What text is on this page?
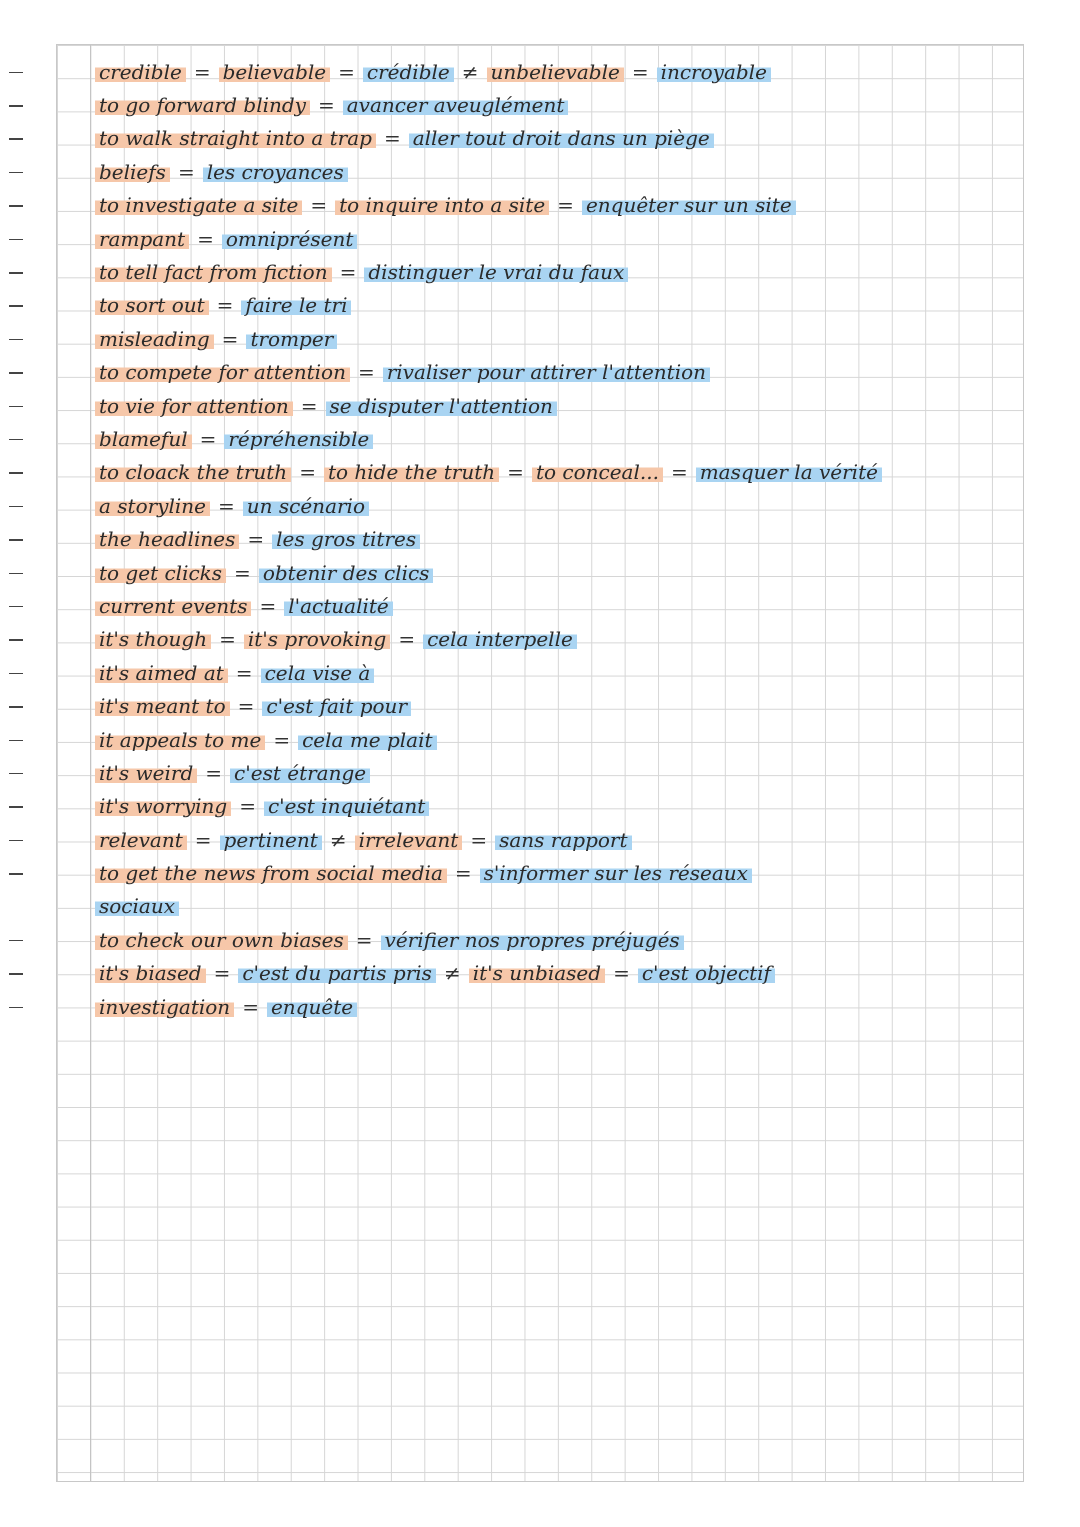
credible = believable = crédible ≠ unbelievable = incroyable
to go forward blindy = avancer aveuglément
to walk straight into a trap = aller tout droit dans un piège
beliefs = les croyances
to investigate a site = to inquire into a site = enquêter sur un site
rampant = omniprésent
to tell fact from fiction = distinguer le vrai du faux
to sort out = faire le tri
misleading = tromper
to compete for attention = rivaliser pour attirer l'attention
to vie for attention = se disputer l'attention
blameful = répréhensible
to cloack the truth = to hide the truth = to conceal... = masquer la vérité
a storyline = un scénario
the headlines = les gros titres
to get clicks = obtenir des clics
current events = l'actualité
it's though = it's provoking = cela interpelle
it's aimed at = cela vise à
it's meant to = c'est fait pour
it appeals to me = cela me plait
it's weird = c'est étrange
it's worrying = c'est inquiétant
relevant = pertinent ≠ irrelevant = sans rapport
to get the news from social media = s'informer sur les réseaux
sociaux
to check our own biases = vérifier nos propres préjugés
it's biased = c'est du partis pris ≠ it's unbiased = c'est objectif
investigation = enquête
